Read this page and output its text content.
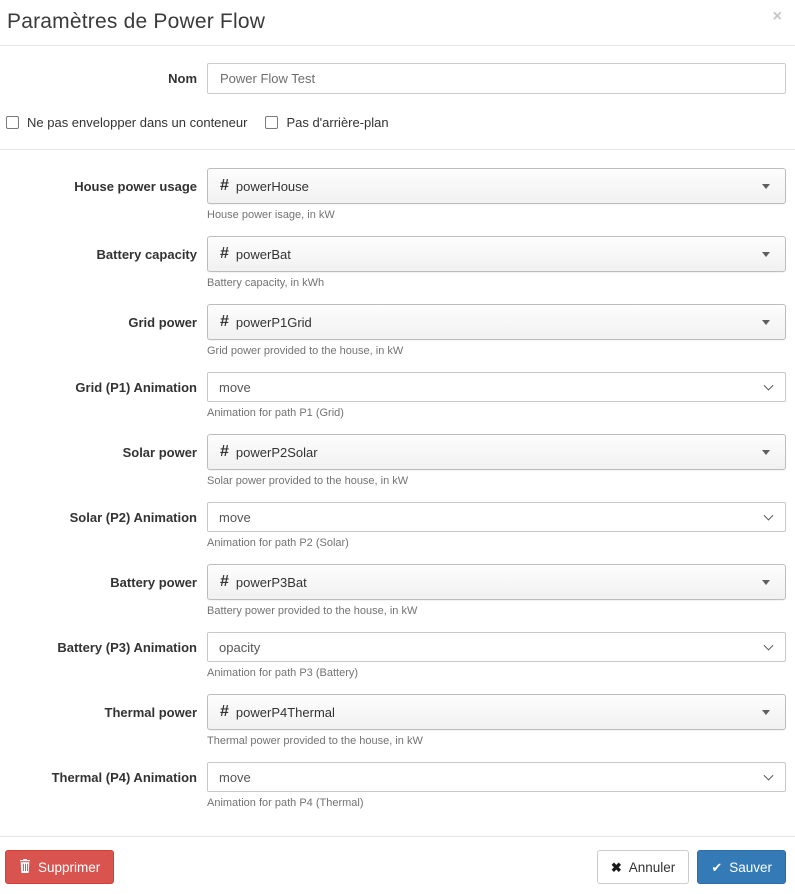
Paramètres de Power Flow	×
Nom
Power Flow Test
Ne pas envelopper dans un conteneur	Pas d'arrière-plan
House power usage # powerHouse
House power isage, in kW
Battery capacity # powerBat
Battery capacity, in kWh
Grid power # powerP1Grid
Grid power provided to the house, in kW
Grid (P1) Animation move
Animation for path P1 (Grid)
Solar power # powerP2Solar
Solar power provided to the house, in kW
Solar (P2) Animation move
Animation for path P2 (Solar)
Battery power # powerP3Bat
Battery power provided to the house, in kW
Battery (P3) Animation opacity
Animation for path P3 (Battery)
Thermal power # powerP4Thermal
Thermal power provided to the house, in kW
Thermal (P4) Animation move
Animation for path P4 (Thermal)
Supprimer	✖ Annuler	✔ Sauver
